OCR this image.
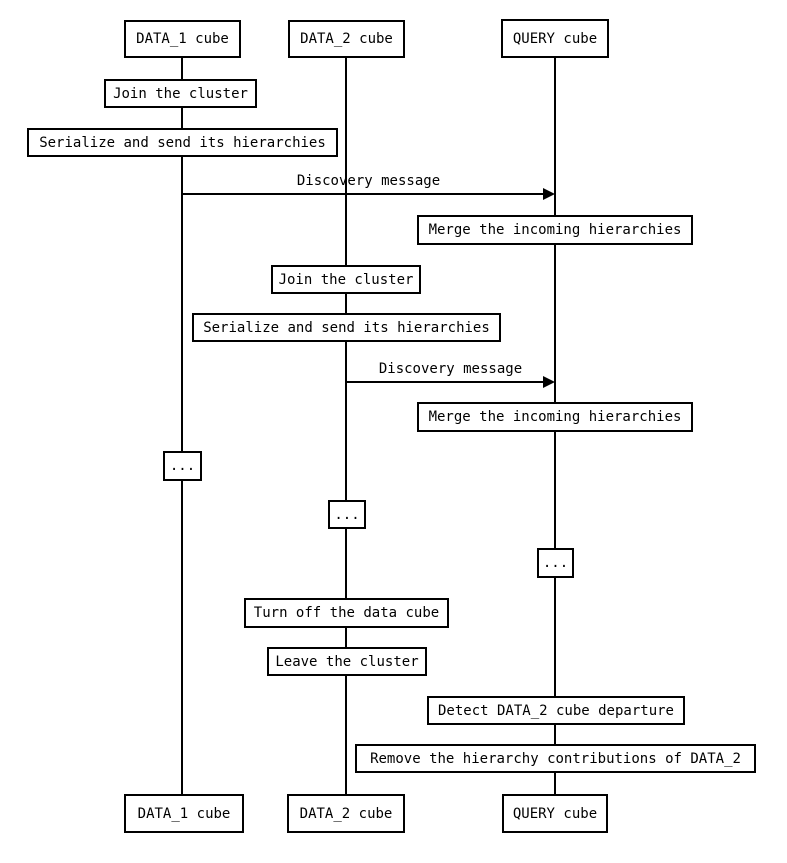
DATA_1 cube	DATA_2 cube	QUERY cube
Join the cluster
Serialize and send its hierarchies
Discovery message
Merge the incoming hierarchies
Join the cluster
Serialize and send its hierarchies
Discovery message
Merge the incoming hierarchies
...
...
...
Turn off the data cube
Leave the cluster
Detect DATA_2 cube departure
Remove the hierarchy contributions of DATA_2
DATA_1 cube	DATA_2 cube	QUERY cube
